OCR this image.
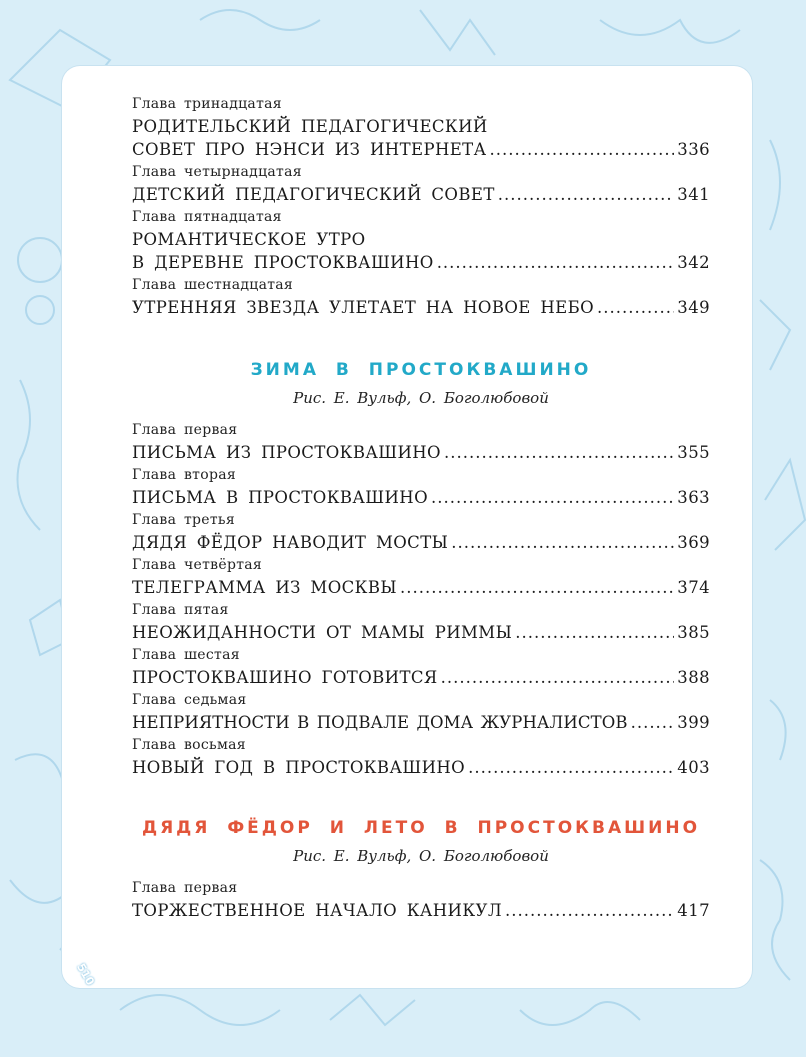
Глава тринадцатая
РОДИТЕЛЬСКИЙ ПЕДАГОГИЧЕСКИЙ
СОВЕТ ПРО НЭНСИ ИЗ ИНТЕРНЕТА .....	336
Глава четырнадцатая
ДЕТСКИЙ ПЕДАГОГИЧЕСКИЙ СОВЕТ .....	341
Глава пятнадцатая
РОМАНТИЧЕСКОЕ УТРО
В ДЕРЕВНЕ ПРОСТОКВАШИНО .....	342
Глава шестнадцатая
УТРЕННЯЯ ЗВЕЗДА УЛЕТАЕТ НА НОВОЕ НЕБО .....	349
ЗИМА В ПРОСТОКВАШИНО
Рис. Е. Вульф, О. Боголюбовой
Глава первая
ПИСЬМА ИЗ ПРОСТОКВАШИНО .....	355
Глава вторая
ПИСЬМА В ПРОСТОКВАШИНО .....	363
Глава третья
ДЯДЯ ФЁДОР НАВОДИТ МОСТЫ .....	369
Глава четвёртая
ТЕЛЕГРАММА ИЗ МОСКВЫ .....	374
Глава пятая
НЕОЖИДАННОСТИ ОТ МАМЫ РИММЫ .....	385
Глава шестая
ПРОСТОКВАШИНО ГОТОВИТСЯ .....	388
Глава седьмая
НЕПРИЯТНОСТИ В ПОДВАЛЕ ДОМА ЖУРНАЛИСТОВ .....	399
Глава восьмая
НОВЫЙ ГОД В ПРОСТОКВАШИНО .....	403
ДЯДЯ ФЁДОР И ЛЕТО В ПРОСТОКВАШИНО
Рис. Е. Вульф, О. Боголюбовой
Глава первая
ТОРЖЕСТВЕННОЕ НАЧАЛО КАНИКУЛ .....	417
510
